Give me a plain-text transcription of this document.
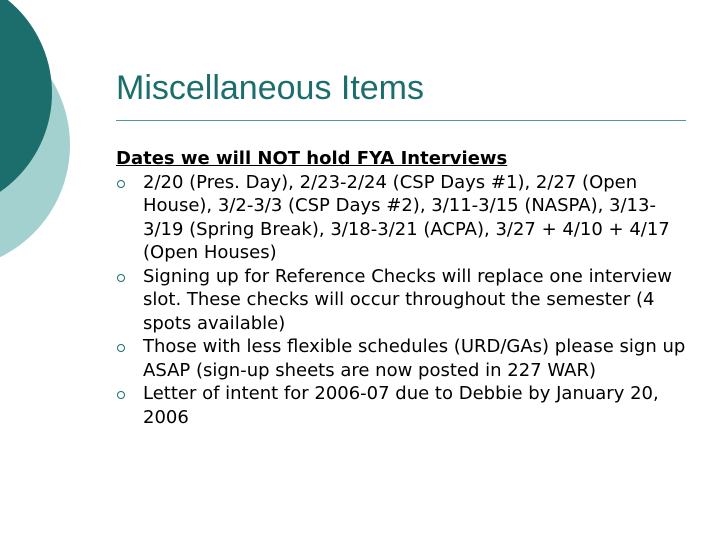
Miscellaneous Items
Dates we will NOT hold FYA Interviews
2/20 (Pres. Day), 2/23-2/24 (CSP Days #1), 2/27 (Open House), 3/2-3/3 (CSP Days #2), 3/11-3/15 (NASPA), 3/13-3/19 (Spring Break), 3/18-3/21 (ACPA), 3/27 + 4/10 + 4/17 (Open Houses)
Signing up for Reference Checks will replace one interview slot. These checks will occur throughout the semester (4 spots available)
Those with less flexible schedules (URD/GAs) please sign up ASAP (sign-up sheets are now posted in 227 WAR)
Letter of intent for 2006-07 due to Debbie by January 20, 2006
